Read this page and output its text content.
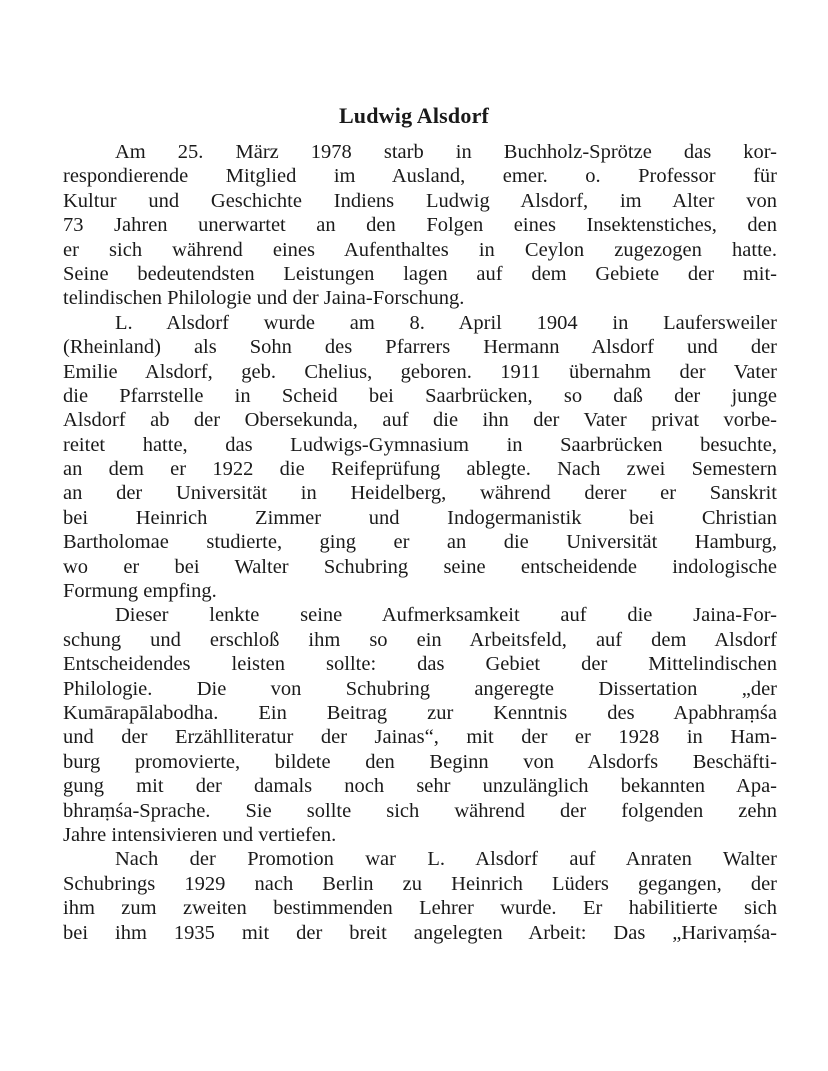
Ludwig Alsdorf
Am 25. März 1978 starb in Buchholz-Sprötze das kor-
respondierende Mitglied im Ausland, emer. o. Professor für
Kultur und Geschichte Indiens Ludwig Alsdorf, im Alter von
73 Jahren unerwartet an den Folgen eines Insektenstiches, den
er sich während eines Aufenthaltes in Ceylon zugezogen hatte.
Seine bedeutendsten Leistungen lagen auf dem Gebiete der mit-
telindischen Philologie und der Jaina-Forschung.
L. Alsdorf wurde am 8. April 1904 in Laufersweiler
(Rheinland) als Sohn des Pfarrers Hermann Alsdorf und der
Emilie Alsdorf, geb. Chelius, geboren. 1911 übernahm der Vater
die Pfarrstelle in Scheid bei Saarbrücken, so daß der junge
Alsdorf ab der Obersekunda, auf die ihn der Vater privat vorbe-
reitet hatte, das Ludwigs-Gymnasium in Saarbrücken besuchte,
an dem er 1922 die Reifeprüfung ablegte. Nach zwei Semestern
an der Universität in Heidelberg, während derer er Sanskrit
bei Heinrich Zimmer und Indogermanistik bei Christian
Bartholomae studierte, ging er an die Universität Hamburg,
wo er bei Walter Schubring seine entscheidende indologische
Formung empfing.
Dieser lenkte seine Aufmerksamkeit auf die Jaina-For-
schung und erschloß ihm so ein Arbeitsfeld, auf dem Alsdorf
Entscheidendes leisten sollte: das Gebiet der Mittelindischen
Philologie. Die von Schubring angeregte Dissertation „der
Kumārapālabodha. Ein Beitrag zur Kenntnis des Apabhraṃśa
und der Erzählliteratur der Jainas“, mit der er 1928 in Ham-
burg promovierte, bildete den Beginn von Alsdorfs Beschäfti-
gung mit der damals noch sehr unzulänglich bekannten Apa-
bhraṃśa-Sprache. Sie sollte sich während der folgenden zehn
Jahre intensivieren und vertiefen.
Nach der Promotion war L. Alsdorf auf Anraten Walter
Schubrings 1929 nach Berlin zu Heinrich Lüders gegangen, der
ihm zum zweiten bestimmenden Lehrer wurde. Er habilitierte sich
bei ihm 1935 mit der breit angelegten Arbeit: Das „Harivaṃśa-
